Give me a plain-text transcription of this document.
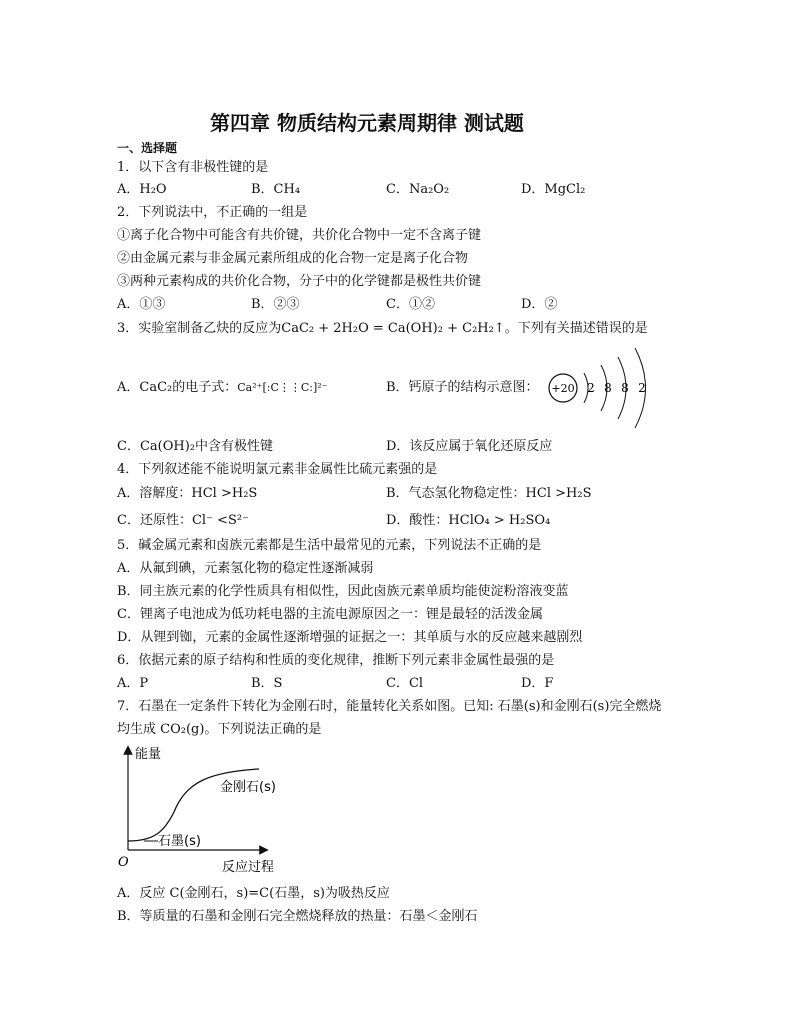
第四章 物质结构元素周期律 测试题
一、选择题
1．以下含有非极性键的是
A．H₂O	B．CH₄	C．Na₂O₂	D．MgCl₂
2．下列说法中，不正确的一组是
①离子化合物中可能含有共价键，共价化合物中一定不含离子键
②由金属元素与非金属元素所组成的化合物一定是离子化合物
③两种元素构成的共价化合物，分子中的化学键都是极性共价键
A．①③	B．②③	C．①②	D．②
3．实验室制备乙炔的反应为CaC₂ + 2H₂O = Ca(OH)₂ + C₂H₂↑。下列有关描述错误的是
A．CaC₂的电子式：Ca²⁺[:C⋮⋮C:]²⁻	B．钙原子的结构示意图： +20 2 8 8 2
C．Ca(OH)₂中含有极性键	D．该反应属于氧化还原反应
4．下列叙述能不能说明氯元素非金属性比硫元素强的是
A．溶解度：HCl >H₂S	B．气态氢化物稳定性：HCl >H₂S
C．还原性：Cl⁻ <S²⁻	D．酸性：HClO₄ > H₂SO₄
5．碱金属元素和卤族元素都是生活中最常见的元素，下列说法不正确的是
A．从氟到碘，元素氢化物的稳定性逐渐减弱
B．同主族元素的化学性质具有相似性，因此卤族元素单质均能使淀粉溶液变蓝
C．锂离子电池成为低功耗电器的主流电源原因之一：锂是最轻的活泼金属
D．从锂到铷，元素的金属性逐渐增强的证据之一：其单质与水的反应越来越剧烈
6．依据元素的原子结构和性质的变化规律，推断下列元素非金属性最强的是
A．P	B．S	C．Cl	D．F
7．石墨在一定条件下转化为金刚石时，能量转化关系如图。已知: 石墨(s)和金刚石(s)完全燃烧
均生成 CO₂(g)。下列说法正确的是
能量
金刚石(s)
石墨(s)
O	反应过程
A．反应 C(金刚石，s)=C(石墨，s)为吸热反应
B．等质量的石墨和金刚石完全燃烧释放的热量：石墨＜金刚石
